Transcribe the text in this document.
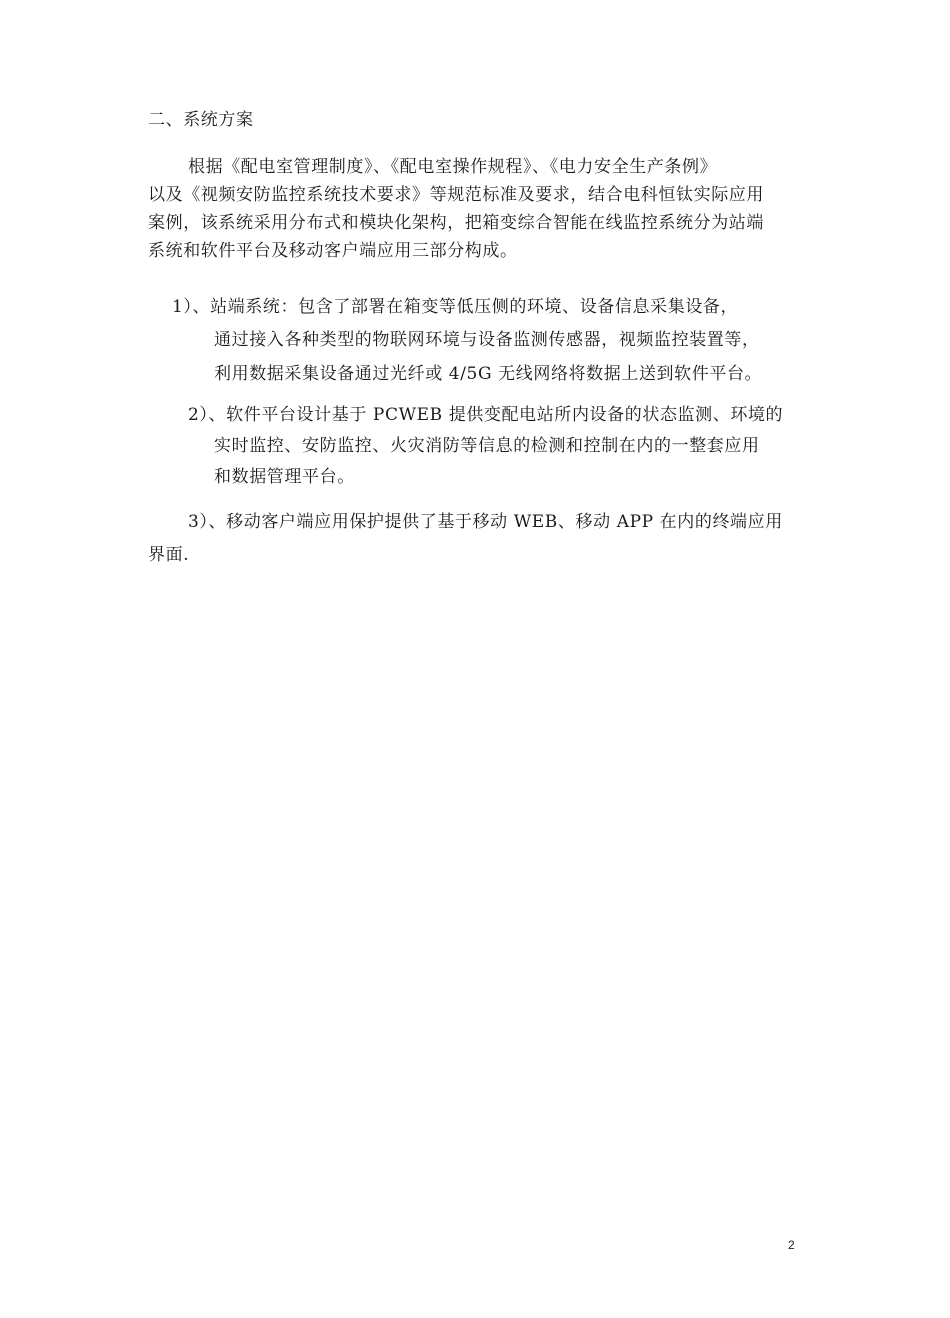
二、系统方案
根据《配电室管理制度》、《配电室操作规程》、《电力安全生产条例》
以及《视频安防监控系统技术要求》等规范标准及要求，结合电科恒钛实际应用
案例，该系统采用分布式和模块化架构，把箱变综合智能在线监控系统分为站端
系统和软件平台及移动客户端应用三部分构成。
1）、站端系统：包含了部署在箱变等低压侧的环境、设备信息采集设备，
通过接入各种类型的物联网环境与设备监测传感器，视频监控装置等，
利用数据采集设备通过光纤或 4/5G 无线网络将数据上送到软件平台。
2）、软件平台设计基于 PCWEB 提供变配电站所内设备的状态监测、环境的
实时监控、安防监控、火灾消防等信息的检测和控制在内的一整套应用
和数据管理平台。
3）、移动客户端应用保护提供了基于移动 WEB、移动 APP 在内的终端应用
界面.
2
